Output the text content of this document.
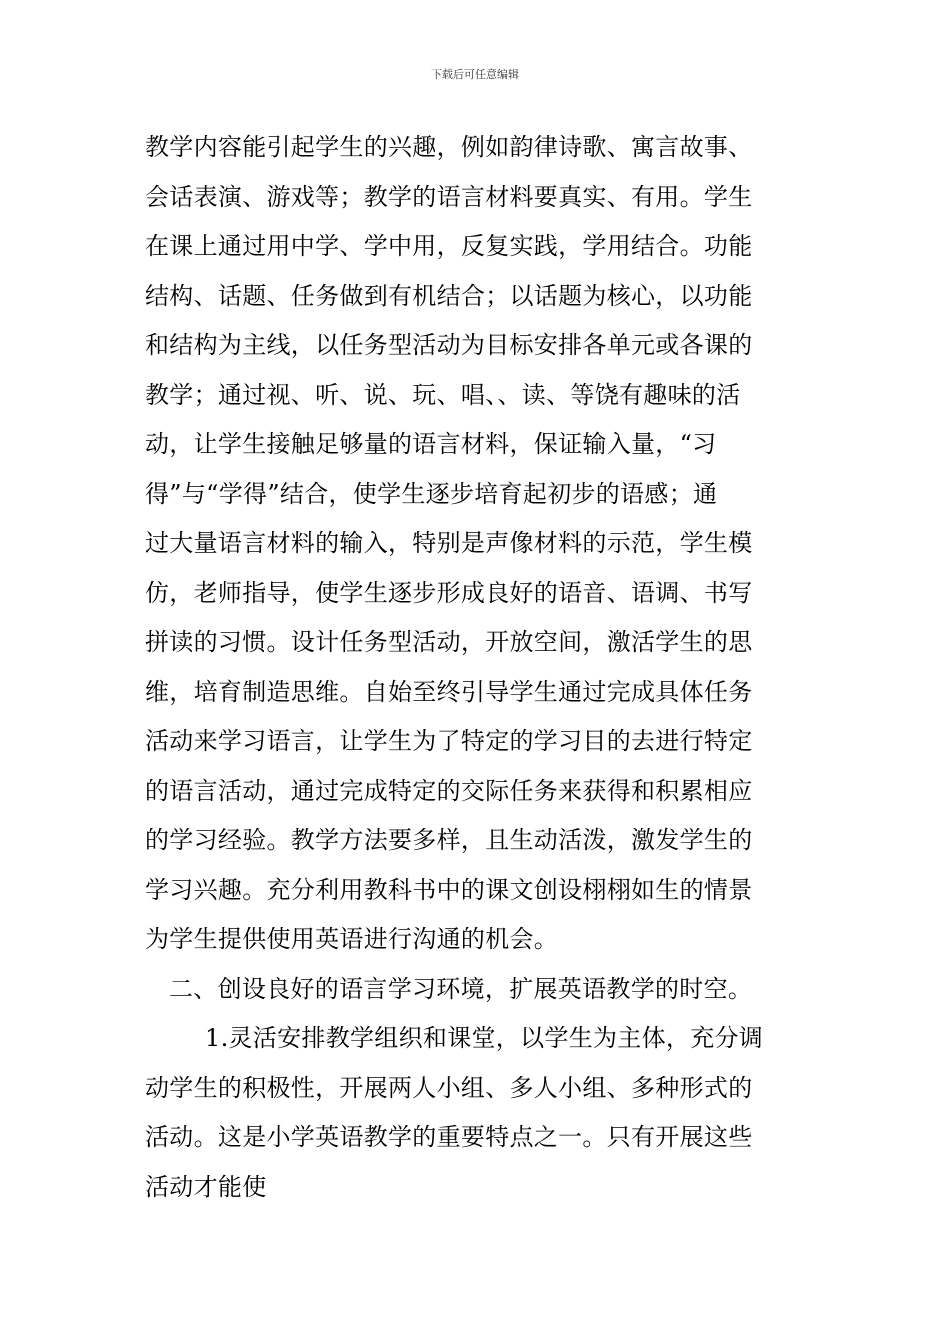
下载后可任意编辑
教学内容能引起学生的兴趣，例如韵律诗歌、寓言故事、
会话表演、游戏等；教学的语言材料要真实、有用。学生
在课上通过用中学、学中用，反复实践，学用结合。功能
结构、话题、任务做到有机结合；以话题为核心，以功能
和结构为主线，以任务型活动为目标安排各单元或各课的
教学；通过视、听、说、玩、唱、、读、等饶有趣味的活
动，让学生接触足够量的语言材料，保证输入量，“习
得”与“学得”结合，使学生逐步培育起初步的语感；通
过大量语言材料的输入，特别是声像材料的示范，学生模
仿，老师指导，使学生逐步形成良好的语音、语调、书写
拼读的习惯。设计任务型活动，开放空间，激活学生的思
维，培育制造思维。自始至终引导学生通过完成具体任务
活动来学习语言，让学生为了特定的学习目的去进行特定
的语言活动，通过完成特定的交际任务来获得和积累相应
的学习经验。教学方法要多样，且生动活泼，激发学生的
学习兴趣。充分利用教科书中的课文创设栩栩如生的情景
为学生提供使用英语进行沟通的机会。
二、创设良好的语言学习环境，扩展英语教学的时空。
1.灵活安排教学组织和课堂，以学生为主体，充分调
动学生的积极性，开展两人小组、多人小组、多种形式的
活动。这是小学英语教学的重要特点之一。只有开展这些
活动才能使
